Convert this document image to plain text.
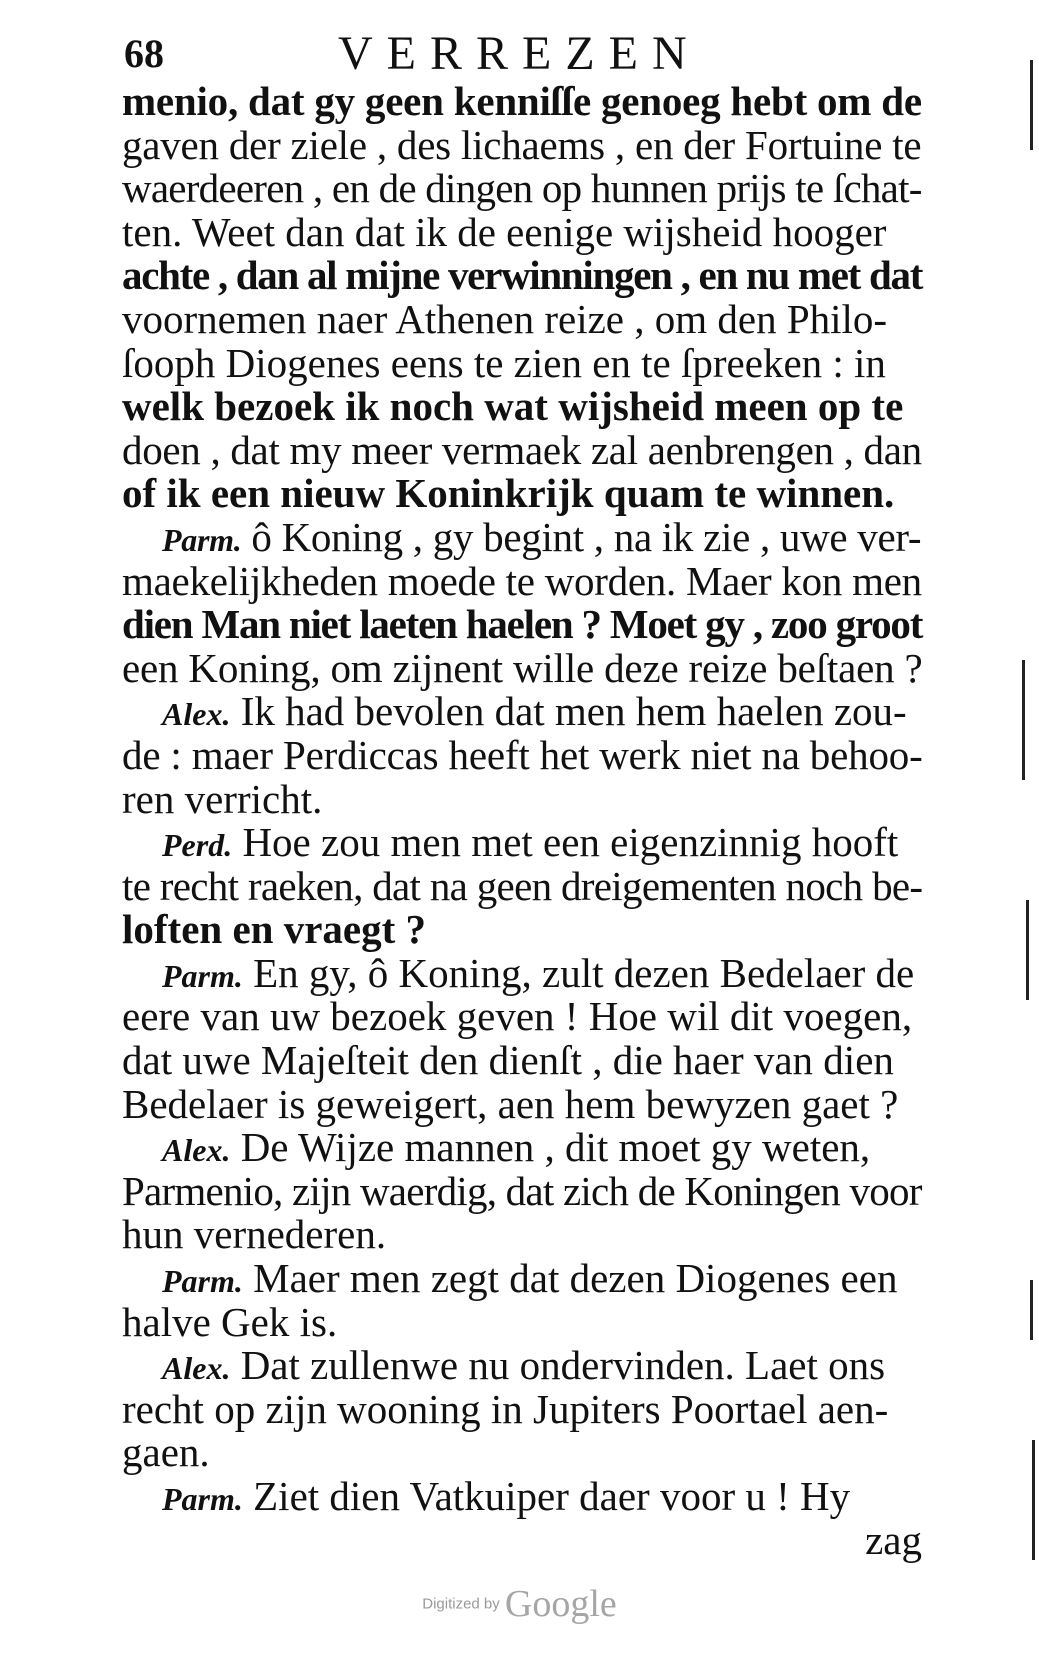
68	VERREZEN
menio, dat gy geen kenniſſe genoeg hebt om de
gaven der ziele , des lichaems , en der Fortuine te
waerdeeren , en de dingen op hunnen prijs te ſchat-
ten. Weet dan dat ik de eenige wijsheid hooger
achte , dan al mijne verwinningen , en nu met dat
voornemen naer Athenen reize , om den Philo-
ſooph Diogenes eens te zien en te ſpreeken : in
welk bezoek ik noch wat wijsheid meen op te
doen , dat my meer vermaek zal aenbrengen , dan
of ik een nieuw Koninkrijk quam te winnen.
Parm. ô Koning , gy begint , na ik zie , uwe ver-
maekelijkheden moede te worden. Maer kon men
dien Man niet laeten haelen ? Moet gy , zoo groot
een Koning, om zijnent wille deze reize beſtaen ?
Alex. Ik had bevolen dat men hem haelen zou-
de : maer Perdiccas heeft het werk niet na behoo-
ren verricht.
Perd. Hoe zou men met een eigenzinnig hooft
te recht raeken, dat na geen dreigementen noch be-
loften en vraegt ?
Parm. En gy, ô Koning, zult dezen Bedelaer de
eere van uw bezoek geven ! Hoe wil dit voegen,
dat uwe Majeſteit den dienſt , die haer van dien
Bedelaer is geweigert, aen hem bewyzen gaet ?
Alex. De Wijze mannen , dit moet gy weten,
Parmenio, zijn waerdig, dat zich de Koningen voor
hun vernederen.
Parm. Maer men zegt dat dezen Diogenes een
halve Gek is.
Alex. Dat zullenwe nu ondervinden. Laet ons
recht op zijn wooning in Jupiters Poortael aen-
gaen.
Parm. Ziet dien Vatkuiper daer voor u ! Hy
zag
Digitized by Google
